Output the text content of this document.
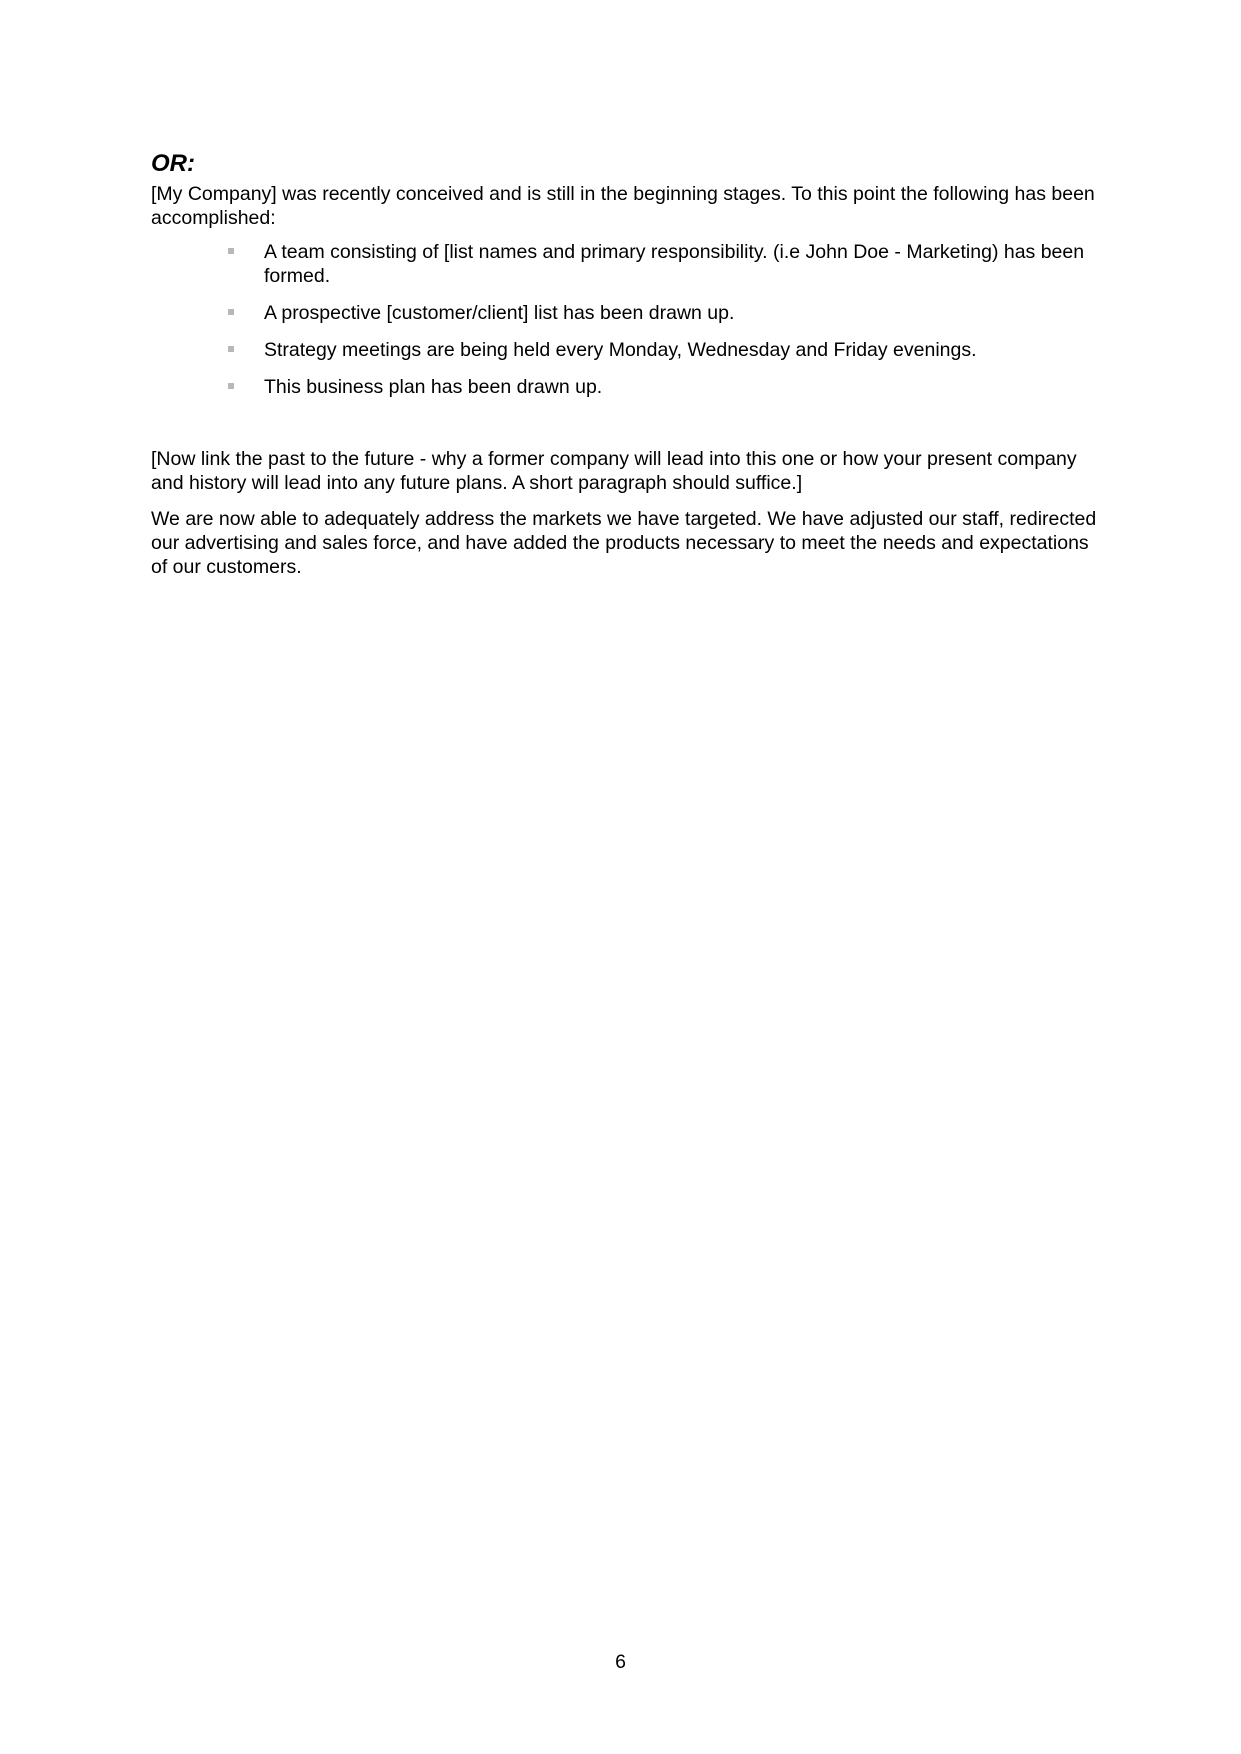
OR:

[My Company] was recently conceived and is still in the beginning stages. To this point the following has been accomplished:

A team consisting of [list names and primary responsibility. (i.e John Doe - Marketing) has been formed.
A prospective [customer/client] list has been drawn up.
Strategy meetings are being held every Monday, Wednesday and Friday evenings.
This business plan has been drawn up.

[Now link the past to the future - why a former company will lead into this one or how your present company and history will lead into any future plans. A short paragraph should suffice.]

We are now able to adequately address the markets we have targeted. We have adjusted our staff, redirected our advertising and sales force, and have added the products necessary to meet the needs and expectations of our customers.

6
